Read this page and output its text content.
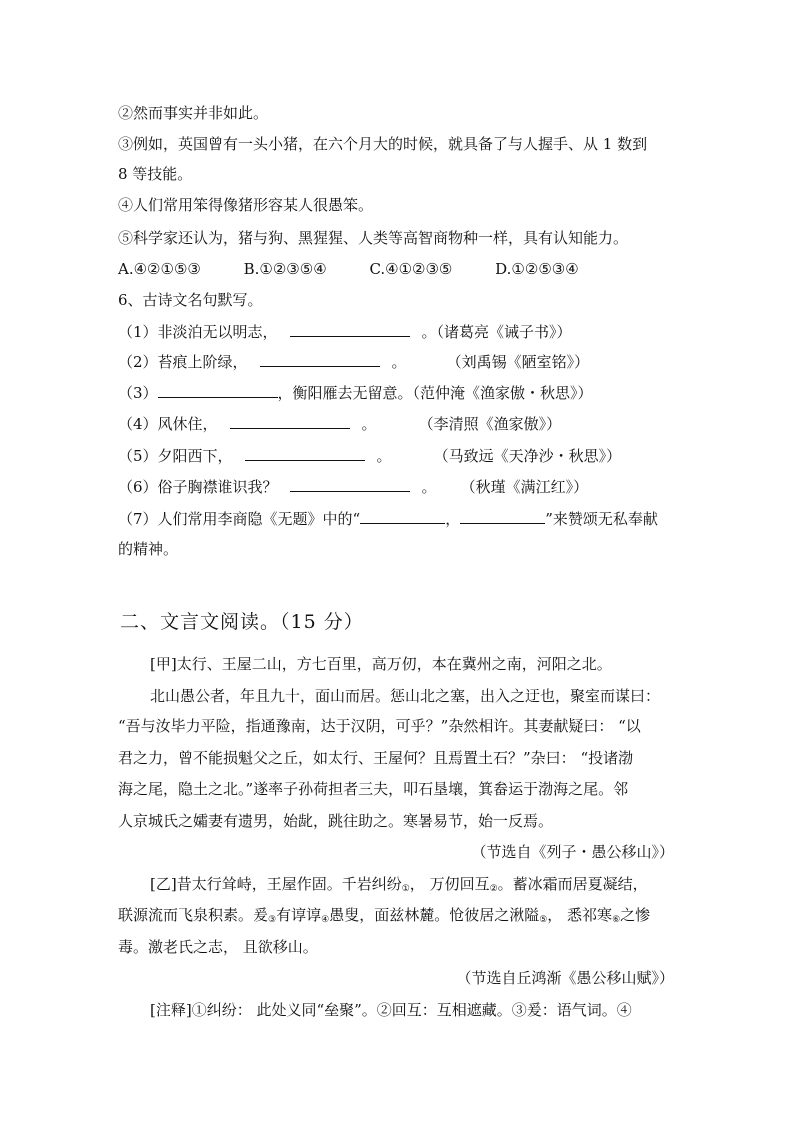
②然而事实并非如此。
③例如，英国曾有一头小猪，在六个月大的时候，就具备了与人握手、从 1 数到
8 等技能。
④人们常用笨得像猪形容某人很愚笨。
⑤科学家还认为，猪与狗、黑猩猩、人类等高智商物种一样，具有认知能力。
A.④②①⑤③	B.①②③⑤④	C.④①②③⑤	D.①②⑤③④
6、古诗文名句默写。
（1）非淡泊无以明志，	。（诸葛亮《诫子书》）
（2）苔痕上阶绿，	。	（刘禹锡《陋室铭》）
（3）	，衡阳雁去无留意。（范仲淹《渔家傲・秋思》）
（4）风休住，	。	（李清照《渔家傲》）
（5）夕阳西下，	。	（马致远《天净沙・秋思》）
（6）俗子胸襟谁识我？	。 （秋瑾《满江红》）
（7）人们常用李商隐《无题》中的“	，	”来赞颂无私奉献
的精神。
二、文言文阅读。（15 分）
[甲]太行、王屋二山，方七百里，高万仞，本在冀州之南，河阳之北。
北山愚公者，年且九十，面山而居。惩山北之塞，出入之迂也，聚室而谋曰：
“吾与汝毕力平险，指通豫南，达于汉阴，可乎？”杂然相许。其妻献疑曰： “以
君之力，曾不能损魁父之丘，如太行、王屋何？且焉置土石？”杂曰： “投诸渤
海之尾，隐土之北。”遂率子孙荷担者三夫，叩石垦壤，箕畚运于渤海之尾。邻
人京城氏之孀妻有遗男，始龀，跳往助之。寒暑易节，始一反焉。
（节选自《列子・愚公移山》）
[乙]昔太行耸峙，王屋作固。千岩纠纷①， 万仞回互②。蓄冰霜而居夏凝结，
联源流而飞泉积素。爰③有谆谆④愚叟，面兹林麓。怆彼居之湫隘⑤， 悉祁寒⑥之惨
毒。激老氏之志， 且欲移山。
（节选自丘鸿渐《愚公移山赋》）
[注释]①纠纷： 此处义同“垒聚”。②回互：互相遮藏。③爰：语气词。④
